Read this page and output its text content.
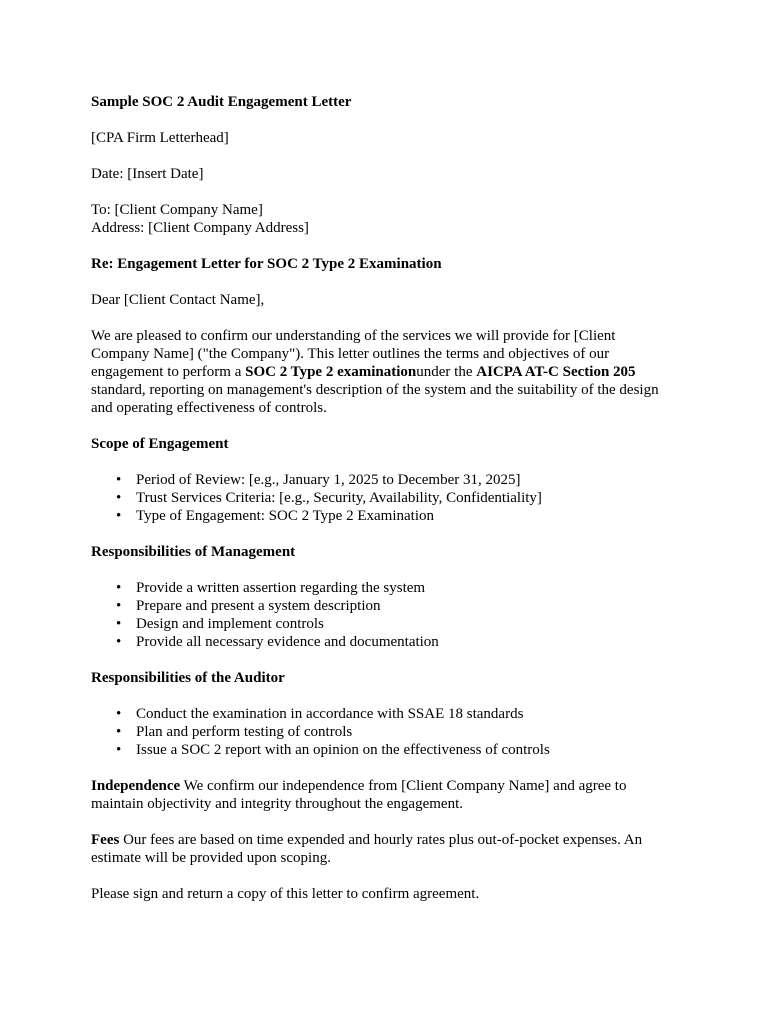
Sample SOC 2 Audit Engagement Letter

[CPA Firm Letterhead]

Date: [Insert Date]

To: [Client Company Name]
Address: [Client Company Address]

Re: Engagement Letter for SOC 2 Type 2 Examination

Dear [Client Contact Name],

We are pleased to confirm our understanding of the services we will provide for [Client Company Name] ("the Company"). This letter outlines the terms and objectives of our engagement to perform a SOC 2 Type 2 examinationunder the AICPA AT-C Section 205 standard, reporting on management's description of the system and the suitability of the design and operating effectiveness of controls.

Scope of Engagement

• Period of Review: [e.g., January 1, 2025 to December 31, 2025]
• Trust Services Criteria: [e.g., Security, Availability, Confidentiality]
• Type of Engagement: SOC 2 Type 2 Examination

Responsibilities of Management

• Provide a written assertion regarding the system
• Prepare and present a system description
• Design and implement controls
• Provide all necessary evidence and documentation

Responsibilities of the Auditor

• Conduct the examination in accordance with SSAE 18 standards
• Plan and perform testing of controls
• Issue a SOC 2 report with an opinion on the effectiveness of controls

Independence We confirm our independence from [Client Company Name] and agree to maintain objectivity and integrity throughout the engagement.

Fees Our fees are based on time expended and hourly rates plus out-of-pocket expenses. An estimate will be provided upon scoping.

Please sign and return a copy of this letter to confirm agreement.
